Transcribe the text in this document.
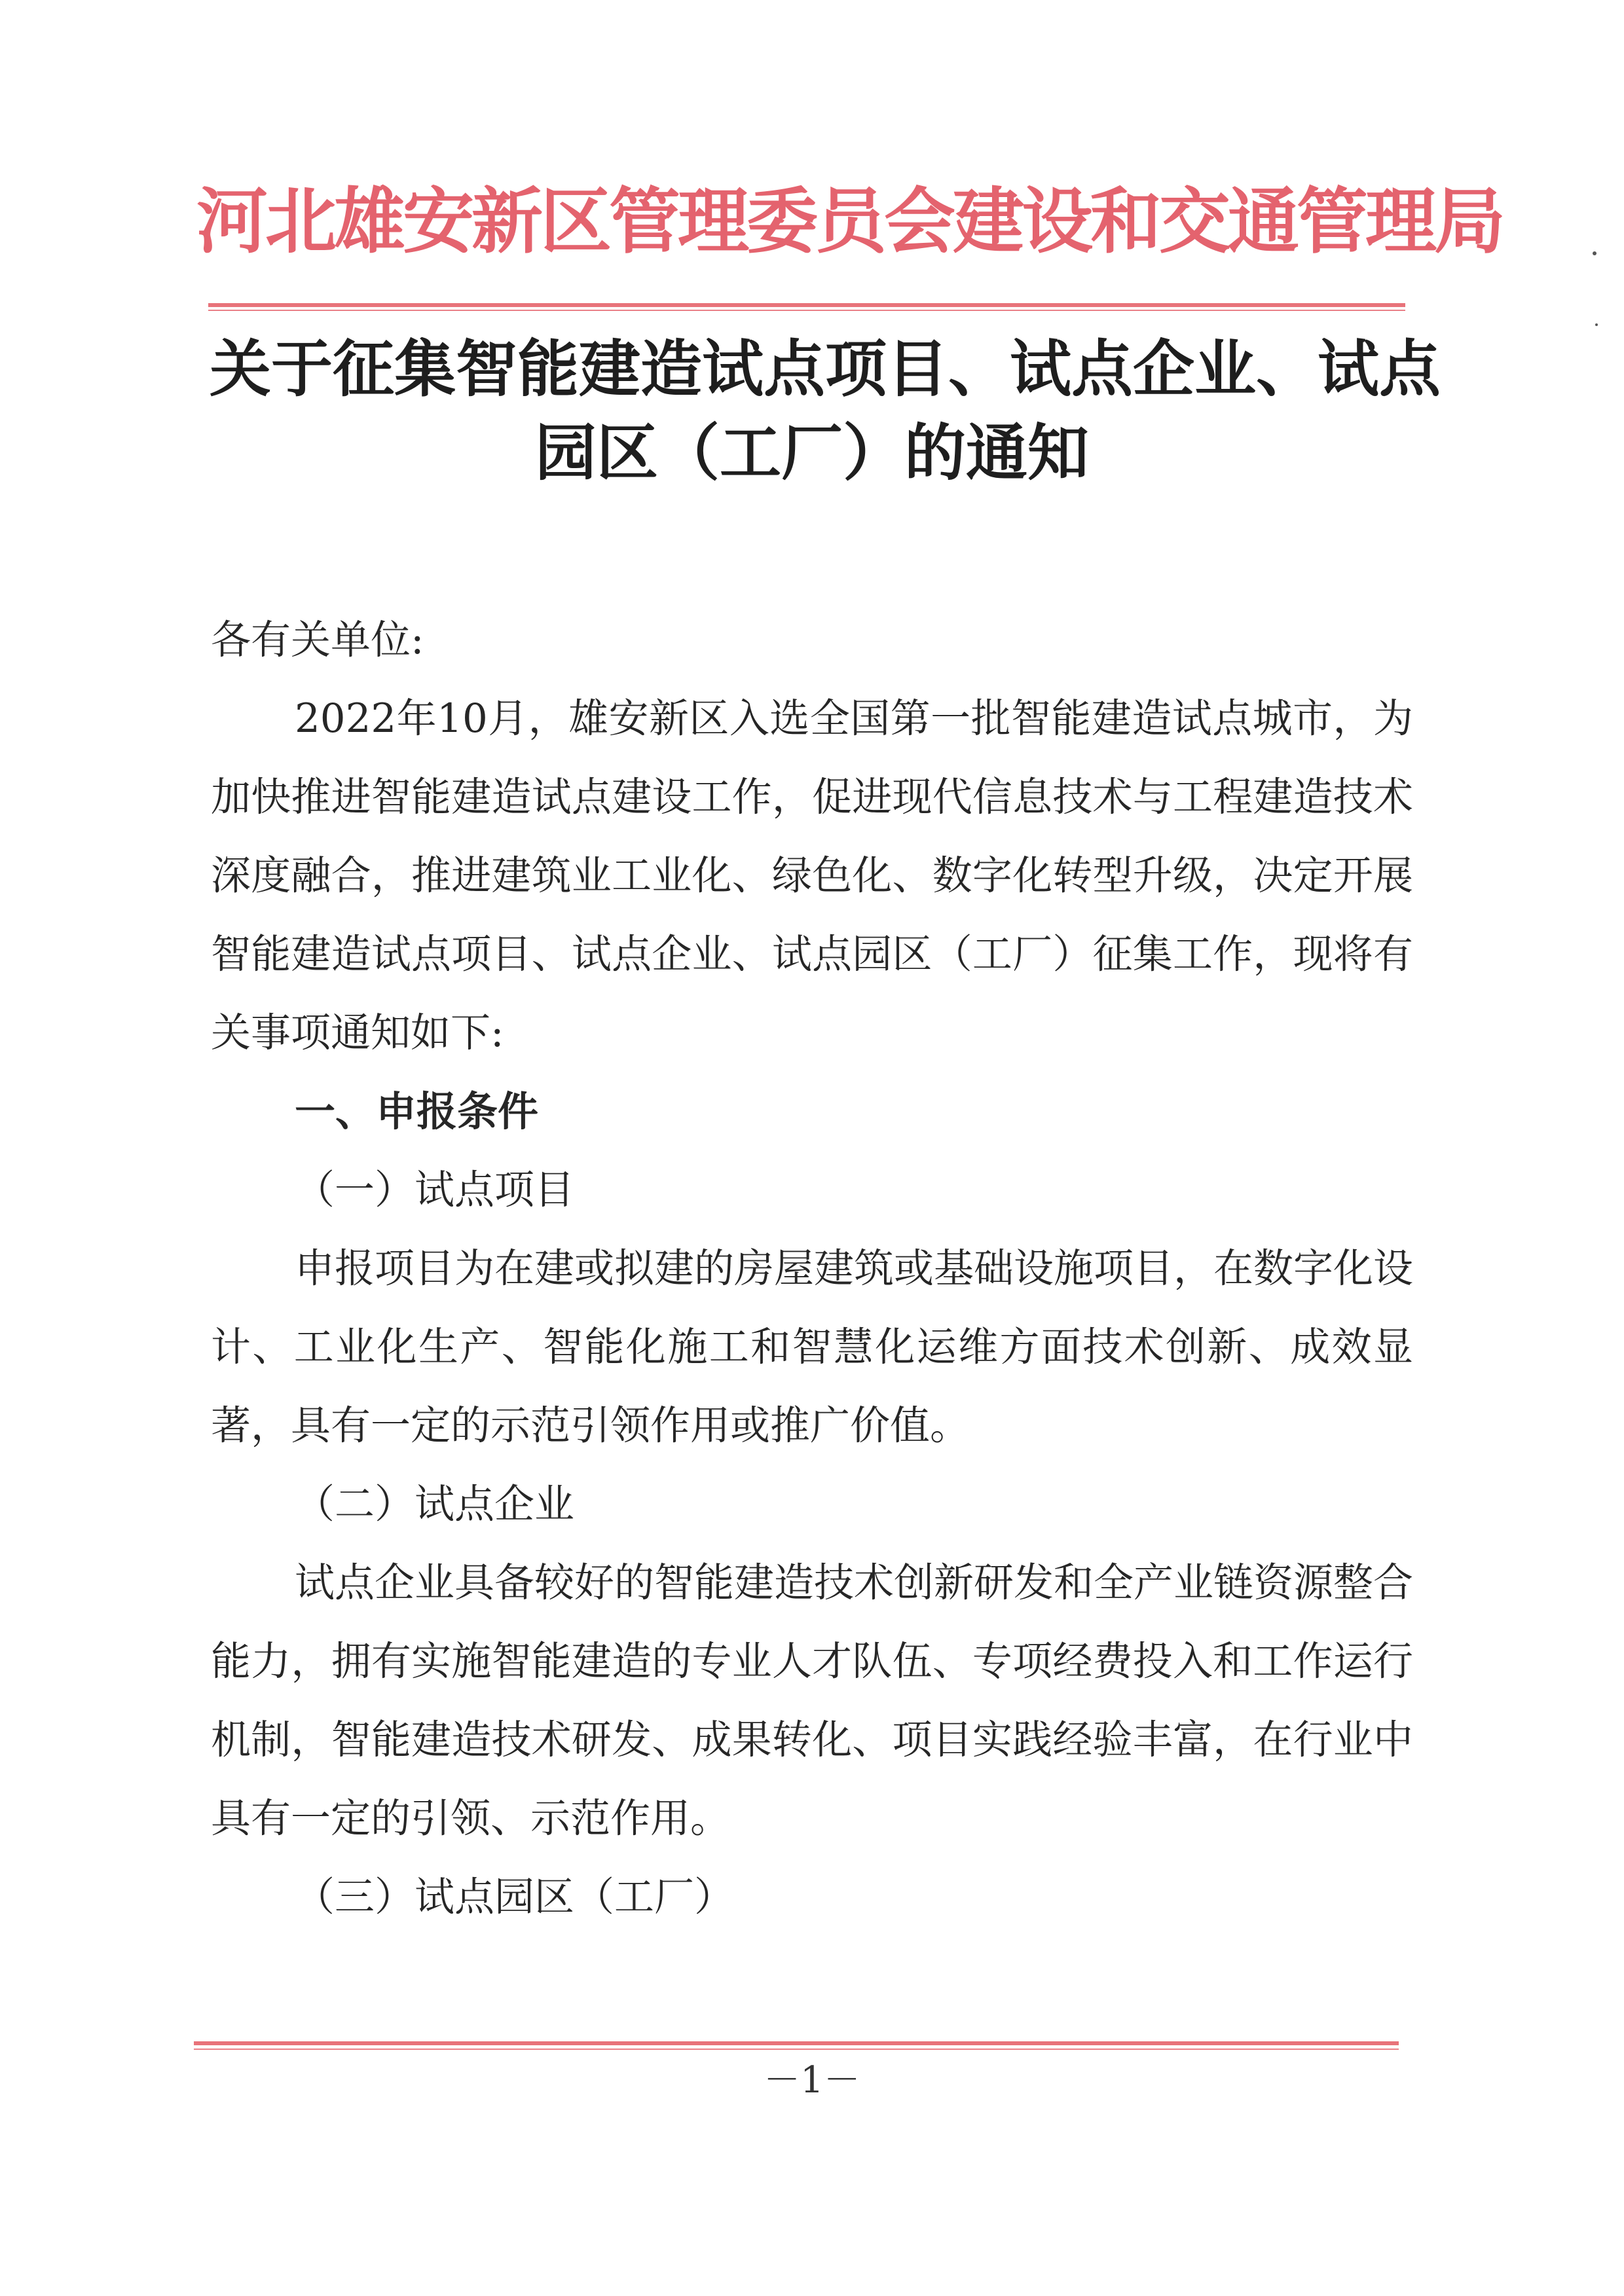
河北雄安新区管理委员会建设和交通管理局
关于征集智能建造试点项目、试点企业、试点
园区（工厂）的通知

各有关单位:

2022年10月，雄安新区入选全国第一批智能建造试点城市，为加快推进智能建造试点建设工作，促进现代信息技术与工程建造技术深度融合，推进建筑业工业化、绿色化、数字化转型升级，决定开展智能建造试点项目、试点企业、试点园区（工厂）征集工作，现将有关事项通知如下:

一、申报条件

（一）试点项目

申报项目为在建或拟建的房屋建筑或基础设施项目，在数字化设计、工业化生产、智能化施工和智慧化运维方面技术创新、成效显著，具有一定的示范引领作用或推广价值。

（二）试点企业

试点企业具备较好的智能建造技术创新研发和全产业链资源整合能力，拥有实施智能建造的专业人才队伍、专项经费投入和工作运行机制，智能建造技术研发、成果转化、项目实践经验丰富，在行业中具有一定的引领、示范作用。

（三）试点园区（工厂）

－1－
